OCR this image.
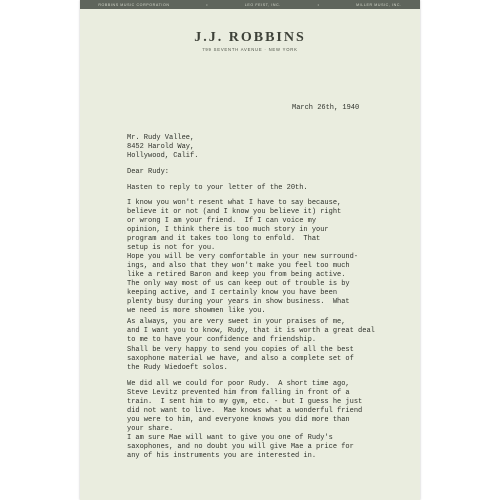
ROBBINS MUSIC CORPORATION	•	LEO FEIST, INC.	•	MILLER MUSIC, INC.
J.J. ROBBINS
799 SEVENTH AVENUE · NEW YORK
March 26th, 1940
Mr. Rudy Vallee,
8452 Harold Way,
Hollywood, Calif.
Dear Rudy:
Hasten to reply to your letter of the 20th.
I know you won't resent what I have to say because,
believe it or not (and I know you believe it) right
or wrong I am your friend.  If I can voice my
opinion, I think there is too much story in your
program and it takes too long to enfold.  That
setup is not for you.
Hope you will be very comfortable in your new surround-
ings, and also that they won't make you feel too much
like a retired Baron and keep you from being active.
The only way most of us can keep out of trouble is by
keeping active, and I certainly know you have been
plenty busy during your years in show business.  What
we need is more showmen like you.
As always, you are very sweet in your praises of me,
and I want you to know, Rudy, that it is worth a great deal
to me to have your confidence and friendship.
Shall be very happy to send you copies of all the best
saxophone material we have, and also a complete set of
the Rudy Wiedoeft solos.
We did all we could for poor Rudy.  A short time ago,
Steve Levitz prevented him from falling in front of a
train.  I sent him to my gym, etc. - but I guess he just
did not want to live.  Mae knows what a wonderful friend
you were to him, and everyone knows you did more than
your share.
I am sure Mae will want to give you one of Rudy's
saxophones, and no doubt you will give Mae a price for
any of his instruments you are interested in.
